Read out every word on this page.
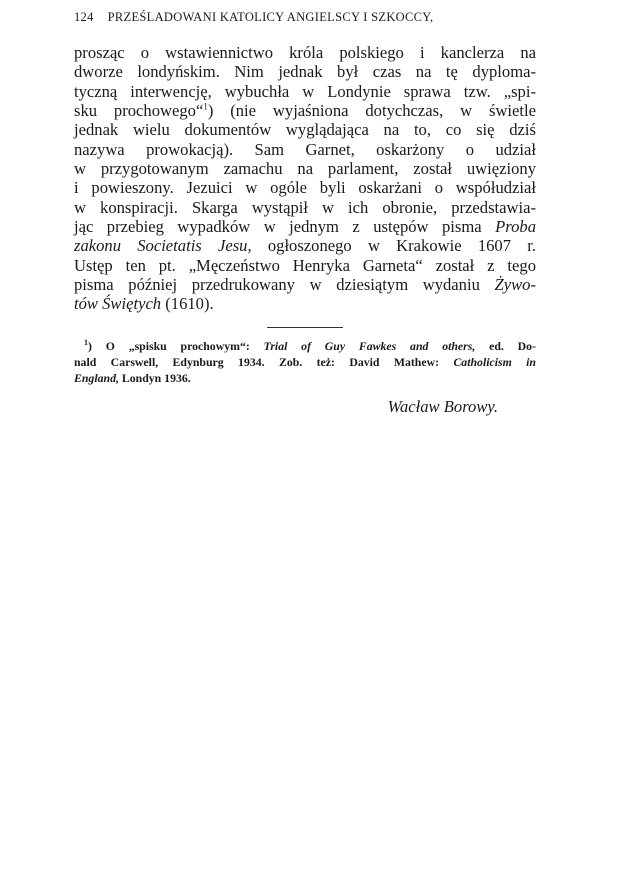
124 PRZEŚLADOWANI KATOLICY ANGIELSCY I SZKOCCY,
prosząc o wstawiennictwo króla polskiego i kanclerza na
dworze londyńskim. Nim jednak był czas na tę dyploma-
tyczną interwencję, wybuchła w Londynie sprawa tzw. „spi-
sku prochowego“$^1$) (nie wyjaśniona dotychczas, w świetle
jednak wielu dokumentów wyglądająca na to, co się dziś
nazywa prowokacją). Sam Garnet, oskarżony o udział
w przygotowanym zamachu na parlament, został uwięziony
i powieszony. Jezuici w ogóle byli oskarżani o współudział
w konspiracji. Skarga wystąpił w ich obronie, przedstawia-
jąc przebieg wypadków w jednym z ustępów pisma Proba
zakonu Societatis Jesu, ogłoszonego w Krakowie 1607 r.
Ustęp ten pt. „Męczeństwo Henryka Garneta“ został z tego
pisma później przedrukowany w dziesiątym wydaniu Żywo-
tów Świętych (1610).
$^1$) O „spisku prochowym“: Trial of Guy Fawkes and others, ed. Do-
nald Carswell, Edynburg 1934. Zob. też: David Mathew: Catholicism in
England, Londyn 1936.
Wacław Borowy.
